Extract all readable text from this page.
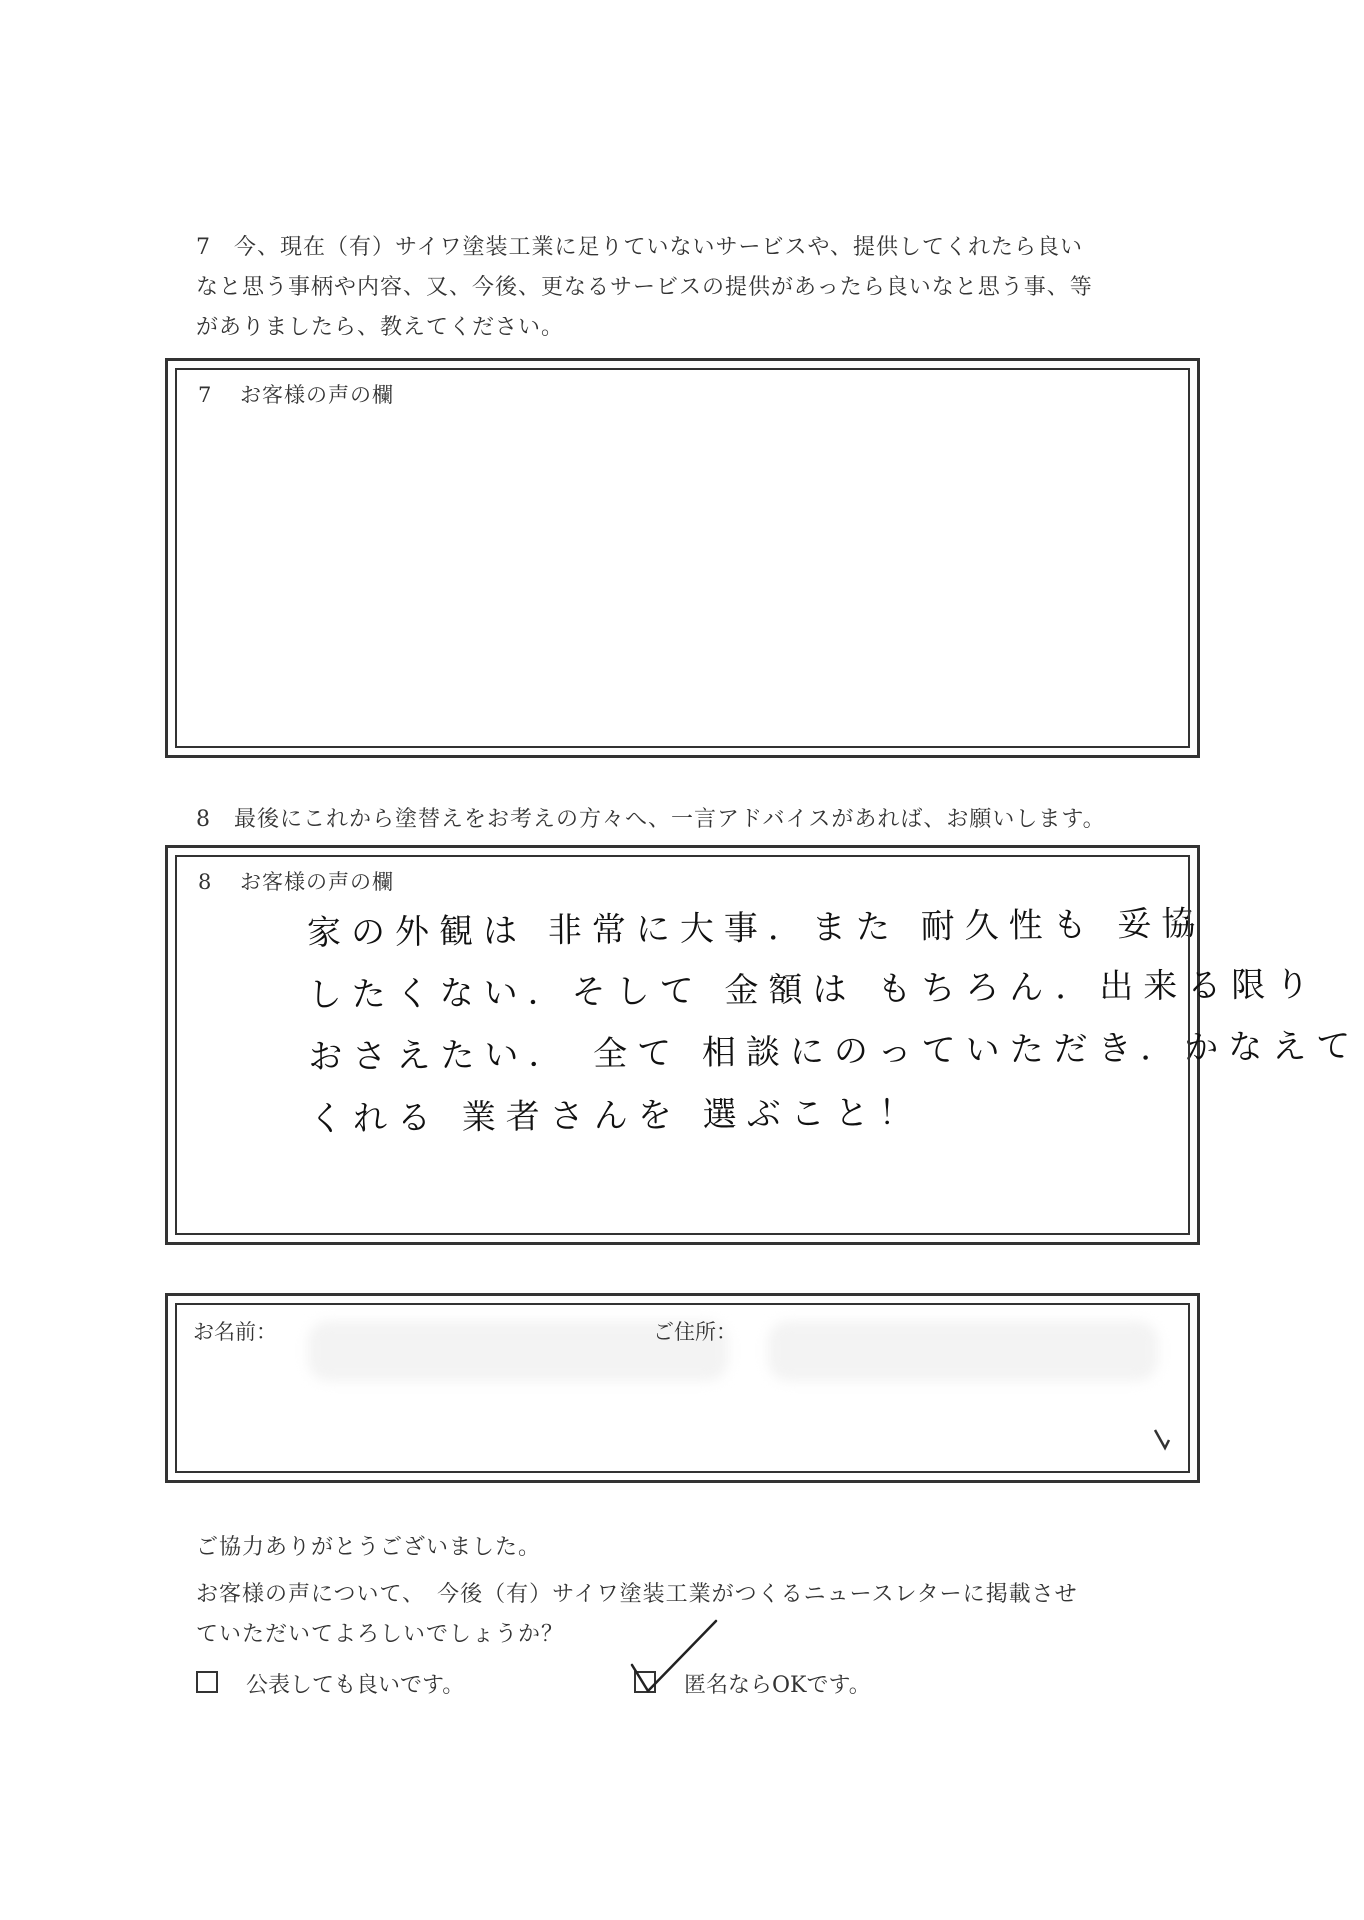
7　今、現在（有）サイワ塗装工業に足りていないサービスや、提供してくれたら良い
なと思う事柄や内容、又、今後、更なるサービスの提供があったら良いなと思う事、等
がありましたら、教えてください。
7 お客様の声の欄
8　最後にこれから塗替えをお考えの方々へ、一言アドバイスがあれば、お願いします。
8 お客様の声の欄
家の外観は 非常に大事．また 耐久性も 妥協
したくない．そして 金額は もちろん．出来る限り
おさえたい． 全て 相談にのっていただき．かなえて
くれる 業者さんを 選ぶこと！
お名前：	ご住所：
ご協力ありがとうございました。
お客様の声について、　今後（有）サイワ塗装工業がつくるニュースレターに掲載させ
ていただいてよろしいでしょうか？
公表しても良いです。	匿名ならOKです。
